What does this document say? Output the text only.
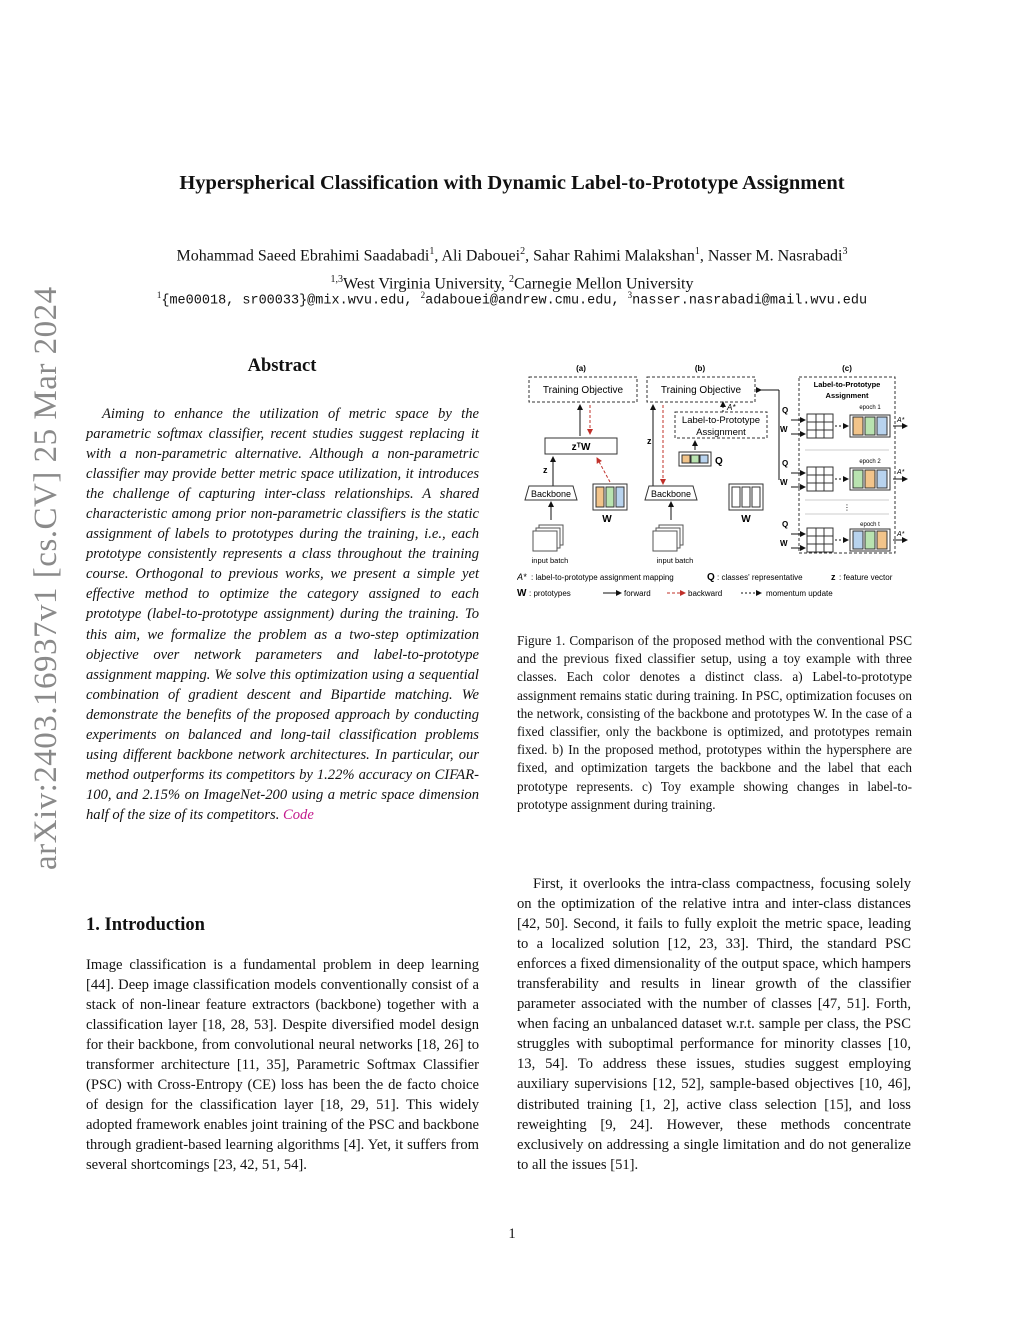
Hyperspherical Classification with Dynamic Label-to-Prototype Assignment
Mohammad Saeed Ebrahimi Saadabadi$^1$, Ali Dabouei$^2$, Sahar Rahimi Malakshan$^1$, Nasser M. Nasrabadi$^3$
$^{1,3}$West Virginia University, $^2$Carnegie Mellon University
$^1${me00018, sr00033}@mix.wvu.edu, $^2$adabouei@andrew.cmu.edu, $^3$nasser.nasrabadi@mail.wvu.edu
arXiv:2403.16937v1 [cs.CV] 25 Mar 2024	Abstract
Aiming to enhance the utilization of metric space by the parametric softmax classifier, recent studies suggest replacing it with a non-parametric alternative. Although a non-parametric classifier may provide better metric space utilization, it introduces the challenge of capturing inter-class relationships. A shared characteristic among prior non-parametric classifiers is the static assignment of labels to prototypes during the training, i.e., each prototype consistently represents a class throughout the training course. Orthogonal to previous works, we present a simple yet effective method to optimize the category assigned to each prototype (label-to-prototype assignment) during the training. To this aim, we formalize the problem as a two-step optimization objective over network parameters and label-to-prototype assignment mapping. We solve this optimization using a sequential combination of gradient descent and Bipartide matching. We demonstrate the benefits of the proposed approach by conducting experiments on balanced and long-tail classification problems using different backbone network architectures. In particular, our method outperforms its competitors by 1.22% accuracy on CIFAR-100, and 2.15% on ImageNet-200 using a metric space dimension half of the size of its competitors. Code
1. Introduction
Image classification is a fundamental problem in deep learning [44]. Deep image classification models conventionally consist of a stack of non-linear feature extractors (backbone) together with a classification layer [18, 28, 53]. Despite diversified model design for their backbone, from convolutional neural networks [18, 26] to transformer architecture [11, 35], Parametric Softmax Classifier (PSC) with Cross-Entropy (CE) loss has been the de facto choice of design for the classification layer [18, 29, 51]. This widely adopted framework enables joint training of the PSC and backbone through gradient-based learning algorithms [4]. Yet, it suffers from several shortcomings [23, 42, 51, 54].
(a)	(b)	(c)
Training Objective
zᵀW
z
Backbone
W
input batch
Training Objective
z
Label-to-Prototype
Assignment
A*
Q
Backbone
W
input batch
Label-to-Prototype
Assignment
epoch 1
Q
W
A*
epoch 2
Q
W
A*
⋮
epoch t
Q
W
A*
A* : label-to-prototype assignment mapping	Q : classes' representative	z : feature vector
W : prototypes	forward	backward	momentum update
Figure 1. Comparison of the proposed method with the conventional PSC and the previous fixed classifier setup, using a toy example with three classes. Each color denotes a distinct class. a) Label-to-prototype assignment remains static during training. In PSC, optimization focuses on the network, consisting of the backbone and prototypes W. In the case of a fixed classifier, only the backbone is optimized, and prototypes remain fixed. b) In the proposed method, prototypes within the hypersphere are fixed, and optimization targets the backbone and the label that each prototype represents. c) Toy example showing changes in label-to-prototype assignment during training.
First, it overlooks the intra-class compactness, focusing solely on the optimization of the relative intra and inter-class distances [42, 50]. Second, it fails to fully exploit the metric space, leading to a localized solution [12, 23, 33]. Third, the standard PSC enforces a fixed dimensionality of the output space, which hampers transferability and results in linear growth of the classifier parameter associated with the number of classes [47, 51]. Forth, when facing an unbalanced dataset w.r.t. sample per class, the PSC struggles with suboptimal performance for minority classes [10, 13, 54]. To address these issues, studies suggest employing auxiliary supervisions [12, 52], sample-based objectives [10, 46], distributed training [1, 2], active class selection [15], and loss reweighting [9, 24]. However, these methods concentrate exclusively on addressing a single limitation and do not generalize to all the issues [51].
1
